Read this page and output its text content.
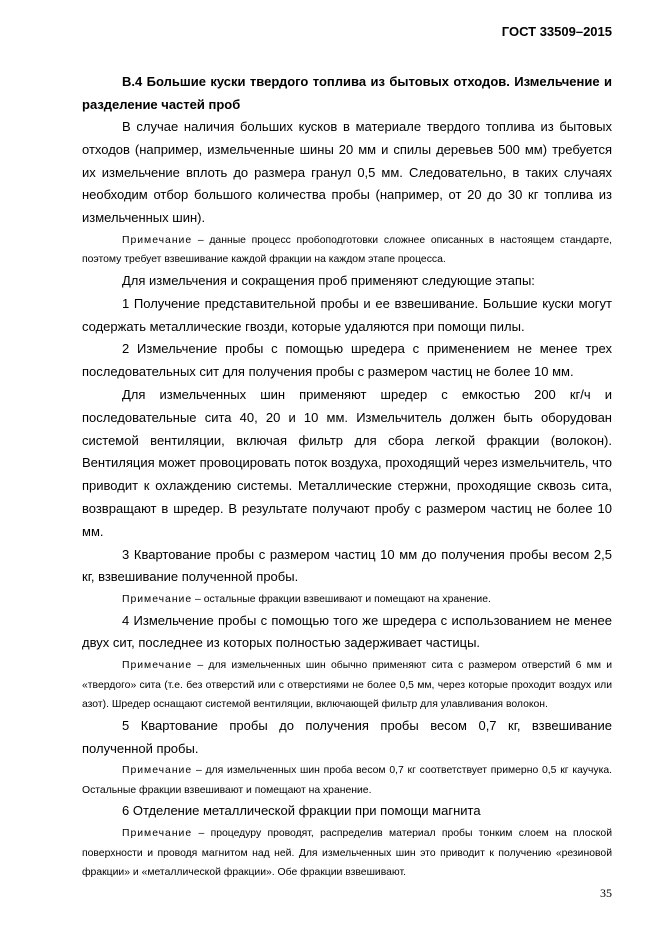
ГОСТ 33509–2015

В.4 Большие куски твердого топлива из бытовых отходов. Измельчение и разделение частей проб

В случае наличия больших кусков в материале твердого топлива из бытовых отходов (например, измельченные шины 20 мм и спилы деревьев 500 мм) требуется их измельчение вплоть до размера гранул 0,5 мм. Следовательно, в таких случаях необходим отбор большого количества пробы (например, от 20 до 30 кг топлива из измельченных шин).

Примечание – данные процесс пробоподготовки сложнее описанных в настоящем стандарте, поэтому требует взвешивание каждой фракции на каждом этапе процесса.

Для измельчения и сокращения проб применяют следующие этапы:

1 Получение представительной пробы и ее взвешивание. Большие куски могут содержать металлические гвозди, которые удаляются при помощи пилы.

2 Измельчение пробы с помощью шредера с применением не менее трех последовательных сит для получения пробы с размером частиц не более 10 мм.

Для измельченных шин применяют шредер с емкостью 200 кг/ч и последовательные сита 40, 20 и 10 мм. Измельчитель должен быть оборудован системой вентиляции, включая фильтр для сбора легкой фракции (волокон). Вентиляция может провоцировать поток воздуха, проходящий через измельчитель, что приводит к охлаждению системы. Металлические стержни, проходящие сквозь сита, возвращают в шредер. В результате получают пробу с размером частиц не более 10 мм.

3 Квартование пробы с размером частиц 10 мм до получения пробы весом 2,5 кг, взвешивание полученной пробы.

Примечание – остальные фракции взвешивают и помещают на хранение.

4 Измельчение пробы с помощью того же шредера с использованием не менее двух сит, последнее из которых полностью задерживает частицы.

Примечание – для измельченных шин обычно применяют сита с размером отверстий 6 мм и «твердого» сита (т.е. без отверстий или с отверстиями не более 0,5 мм, через которые проходит воздух или азот). Шредер оснащают системой вентиляции, включающей фильтр для улавливания волокон.

5 Квартование пробы до получения пробы весом 0,7 кг, взвешивание полученной пробы.

Примечание – для измельченных шин проба весом 0,7 кг соответствует примерно 0,5 кг каучука. Остальные фракции взвешивают и помещают на хранение.

6 Отделение металлической фракции при помощи магнита

Примечание – процедуру проводят, распределив материал пробы тонким слоем на плоской поверхности и проводя магнитом над ней. Для измельченных шин это приводит к получению «резиновой фракции» и «металлической фракции». Обе фракции взвешивают.

35
